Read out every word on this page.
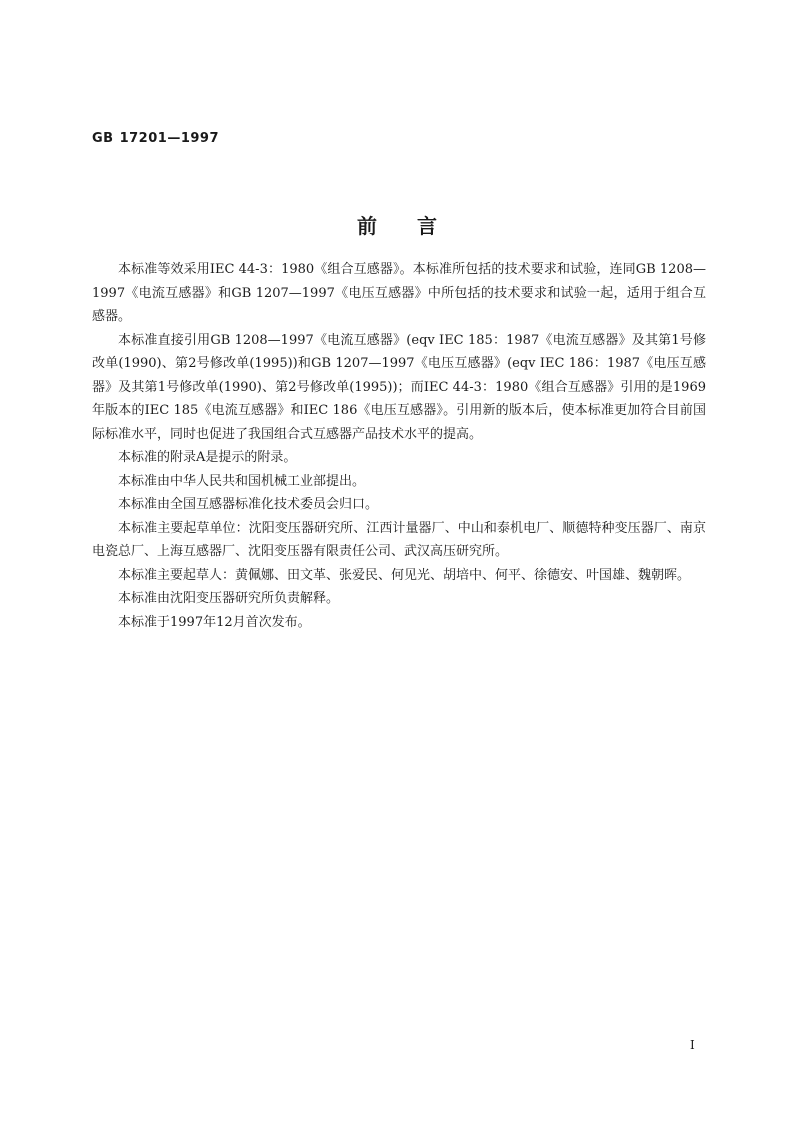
GB 17201—1997
前　　言

本标准等效采用IEC 44-3：1980《组合互感器》。本标准所包括的技术要求和试验，连同GB 1208—1997《电流互感器》和GB 1207—1997《电压互感器》中所包括的技术要求和试验一起，适用于组合互感器。

本标准直接引用GB 1208—1997《电流互感器》(eqv IEC 185：1987《电流互感器》及其第1号修改单(1990)、第2号修改单(1995))和GB 1207—1997《电压互感器》(eqv IEC 186：1987《电压互感器》及其第1号修改单(1990)、第2号修改单(1995))；而IEC 44-3：1980《组合互感器》引用的是1969年版本的IEC 185《电流互感器》和IEC 186《电压互感器》。引用新的版本后，使本标准更加符合目前国际标准水平，同时也促进了我国组合式互感器产品技术水平的提高。

本标准的附录A是提示的附录。

本标准由中华人民共和国机械工业部提出。

本标准由全国互感器标准化技术委员会归口。

本标准主要起草单位：沈阳变压器研究所、江西计量器厂、中山和泰机电厂、顺德特种变压器厂、南京电瓷总厂、上海互感器厂、沈阳变压器有限责任公司、武汉高压研究所。

本标准主要起草人：黄佩娜、田文革、张爱民、何见光、胡培中、何平、徐德安、叶国雄、魏朝晖。

本标准由沈阳变压器研究所负责解释。

本标准于1997年12月首次发布。

I
